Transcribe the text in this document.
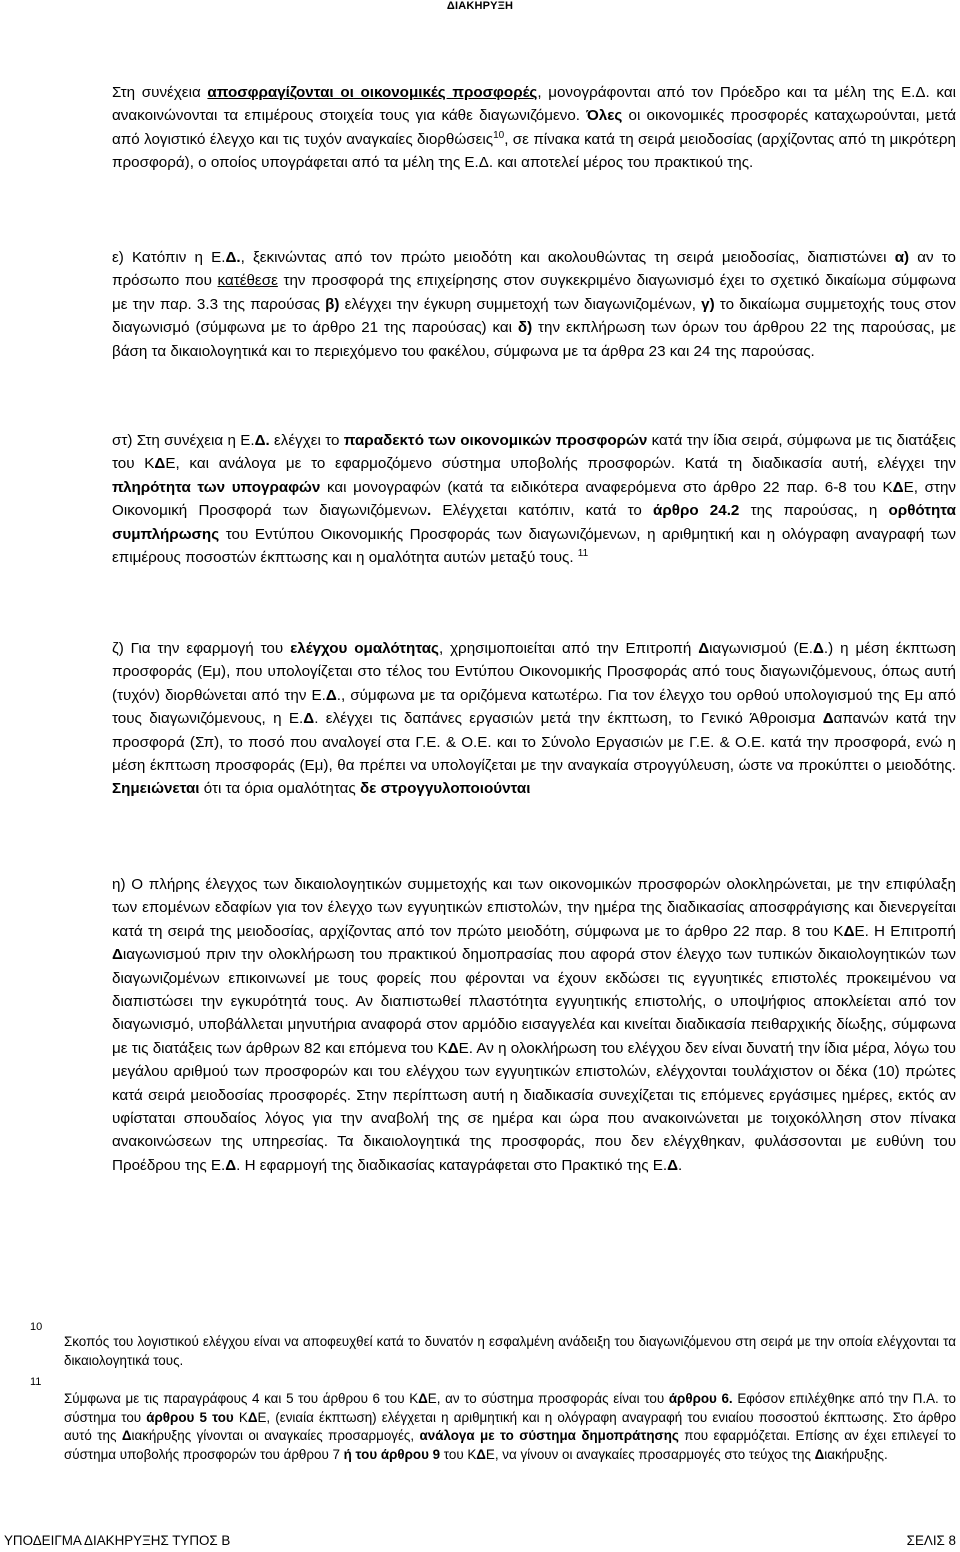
ΔΙΑΚΗΡΥΞΗ

Στη συνέχεια αποσφραγίζονται οι οικονομικές προσφορές, μονογράφονται από τον Πρόεδρο και τα μέλη της Ε.Δ. και ανακοινώνονται τα επιμέρους στοιχεία τους για κάθε διαγωνιζόμενο. Όλες οι οικονομικές προσφορές καταχωρούνται, μετά από λογιστικό έλεγχο και τις τυχόν αναγκαίες διορθώσεις$^{10}$, σε πίνακα κατά τη σειρά μειοδοσίας (αρχίζοντας από τη μικρότερη προσφορά), ο οποίος υπογράφεται από τα μέλη της Ε.Δ. και αποτελεί μέρος του πρακτικού της.

ε) Κατόπιν η Ε.Δ., ξεκινώντας από τον πρώτο μειοδότη και ακολουθώντας τη σειρά μειοδοσίας, διαπιστώνει α) αν το πρόσωπο που κατέθεσε την προσφορά της επιχείρησης στον συγκεκριμένο διαγωνισμό έχει το σχετικό δικαίωμα σύμφωνα με την παρ. 3.3 της παρούσας β) ελέγχει την έγκυρη συμμετοχή των διαγωνιζομένων, γ) το δικαίωμα συμμετοχής τους στον διαγωνισμό (σύμφωνα με το άρθρο 21 της παρούσας) και δ) την εκπλήρωση των όρων του άρθρου 22 της παρούσας, με βάση τα δικαιολογητικά και το περιεχόμενο του φακέλου, σύμφωνα με τα άρθρα 23 και 24 της παρούσας.

στ) Στη συνέχεια η Ε.Δ. ελέγχει το παραδεκτό των οικονομικών προσφορών κατά την ίδια σειρά, σύμφωνα με τις διατάξεις του ΚΔΕ, και ανάλογα με το εφαρμοζόμενο σύστημα υποβολής προσφορών. Κατά τη διαδικασία αυτή, ελέγχει την πληρότητα των υπογραφών και μονογραφών (κατά τα ειδικότερα αναφερόμενα στο άρθρο 22 παρ. 6-8 του ΚΔΕ, στην Οικονομική Προσφορά των διαγωνιζόμενων. Ελέγχεται κατόπιν, κατά το άρθρο 24.2 της παρούσας, η ορθότητα συμπλήρωσης του Εντύπου Οικονομικής Προσφοράς των διαγωνιζόμενων, η αριθμητική και η ολόγραφη αναγραφή των επιμέρους ποσοστών έκπτωσης και η ομαλότητα αυτών μεταξύ τους. $^{11}$

ζ) Για την εφαρμογή του ελέγχου ομαλότητας, χρησιμοποιείται από την Επιτροπή Διαγωνισμού (Ε.Δ.) η μέση έκπτωση προσφοράς (Εμ), που υπολογίζεται στο τέλος του Εντύπου Οικονομικής Προσφοράς από τους διαγωνιζόμενους, όπως αυτή (τυχόν) διορθώνεται από την Ε.Δ., σύμφωνα με τα οριζόμενα κατωτέρω. Για τον έλεγχο του ορθού υπολογισμού της Εμ από τους διαγωνιζόμενους, η Ε.Δ. ελέγχει τις δαπάνες εργασιών μετά την έκπτωση, το Γενικό Άθροισμα Δαπανών κατά την προσφορά (Σπ), το ποσό που αναλογεί στα Γ.Ε. & Ο.Ε. και το Σύνολο Εργασιών με Γ.Ε. & Ο.Ε. κατά την προσφορά, ενώ η μέση έκπτωση προσφοράς (Εμ), θα πρέπει να υπολογίζεται με την αναγκαία στρογγύλευση, ώστε να προκύπτει ο μειοδότης. Σημειώνεται ότι τα όρια ομαλότητας δε στρογγυλοποιούνται

η) Ο πλήρης έλεγχος των δικαιολογητικών συμμετοχής και των οικονομικών προσφορών ολοκληρώνεται, με την επιφύλαξη των επομένων εδαφίων για τον έλεγχο των εγγυητικών επιστολών, την ημέρα της διαδικασίας αποσφράγισης και διενεργείται κατά τη σειρά της μειοδοσίας, αρχίζοντας από τον πρώτο μειοδότη, σύμφωνα με το άρθρο 22 παρ. 8 του ΚΔΕ. Η Επιτροπή Διαγωνισμού πριν την ολοκλήρωση του πρακτικού δημοπρασίας που αφορά στον έλεγχο των τυπικών δικαιολογητικών των διαγωνιζομένων επικοινωνεί με τους φορείς που φέρονται να έχουν εκδώσει τις εγγυητικές επιστολές προκειμένου να διαπιστώσει την εγκυρότητά τους. Αν διαπιστωθεί πλαστότητα εγγυητικής επιστολής, ο υποψήφιος αποκλείεται από τον διαγωνισμό, υποβάλλεται μηνυτήρια αναφορά στον αρμόδιο εισαγγελέα και κινείται διαδικασία πειθαρχικής δίωξης, σύμφωνα με τις διατάξεις των άρθρων 82 και επόμενα του ΚΔΕ. Αν η ολοκλήρωση του ελέγχου δεν είναι δυνατή την ίδια μέρα, λόγω του μεγάλου αριθμού των προσφορών και του ελέγχου των εγγυητικών επιστολών, ελέγχονται τουλάχιστον οι δέκα (10) πρώτες κατά σειρά μειοδοσίας προσφορές. Στην περίπτωση αυτή η διαδικασία συνεχίζεται τις επόμενες εργάσιμες ημέρες, εκτός αν υφίσταται σπουδαίος λόγος για την αναβολή της σε ημέρα και ώρα που ανακοινώνεται με τοιχοκόλληση στον πίνακα ανακοινώσεων της υπηρεσίας. Τα δικαιολογητικά της προσφοράς, που δεν ελέγχθηκαν, φυλάσσονται με ευθύνη του Προέδρου της Ε.Δ. Η εφαρμογή της διαδικασίας καταγράφεται στο Πρακτικό της Ε.Δ.

10

Σκοπός του λογιστικού ελέγχου είναι να αποφευχθεί κατά το δυνατόν η εσφαλμένη ανάδειξη του διαγωνιζόμενου στη σειρά με την οποία ελέγχονται τα δικαιολογητικά τους.

11

Σύμφωνα με τις παραγράφους 4 και 5 του άρθρου 6 του ΚΔΕ, αν το σύστημα προσφοράς είναι του άρθρου 6. Εφόσον επιλέχθηκε από την Π.Α. το σύστημα του άρθρου 5 του ΚΔΕ, (ενιαία έκπτωση) ελέγχεται η αριθμητική και η ολόγραφη αναγραφή του ενιαίου ποσοστού έκπτωσης. Στο άρθρο αυτό της Διακήρυξης γίνονται οι αναγκαίες προσαρμογές, ανάλογα με το σύστημα δημοπράτησης που εφαρμόζεται. Επίσης αν έχει επιλεγεί το σύστημα υποβολής προσφορών του άρθρου 7 ή του άρθρου 9 του ΚΔΕ, να γίνουν οι αναγκαίες προσαρμογές στο τεύχος της Διακήρυξης.

ΥΠΟΔΕΙΓΜΑ ΔΙΑΚΗΡΥΞΗΣ ΤΥΠΟΣ Β	ΣΕΛΙΣ 8
